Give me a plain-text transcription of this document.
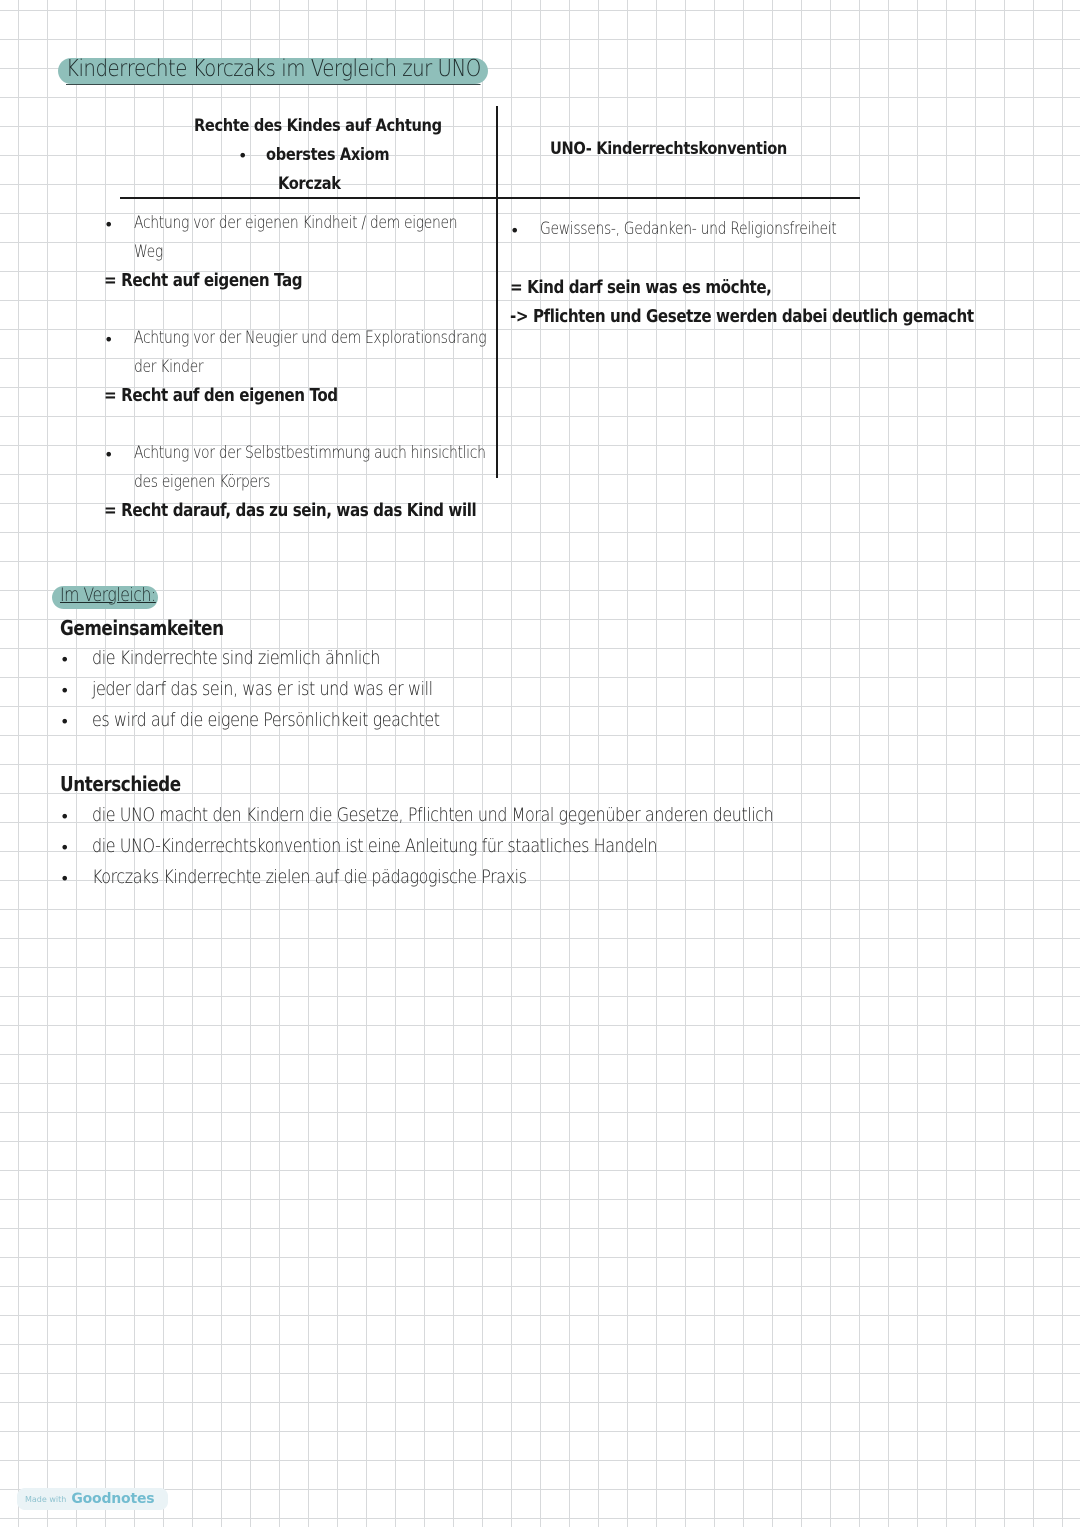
Kinderrechte Korczaks im Vergleich zur UNO
Rechte des Kindes auf Achtung
• oberstes Axiom
Korczak
UNO- Kinderrechtskonvention
• Achtung vor der eigenen Kindheit / dem eigenen
Weg
= Recht auf eigenen Tag
• Achtung vor der Neugier und dem Explorationsdrang
der Kinder
= Recht auf den eigenen Tod
• Achtung vor der Selbstbestimmung auch hinsichtlich
des eigenen Körpers
= Recht darauf, das zu sein, was das Kind will
• Gewissens-, Gedanken- und Religionsfreiheit
= Kind darf sein was es möchte,
-> Pflichten und Gesetze werden dabei deutlich gemacht
Im Vergleich:
Gemeinsamkeiten
• die Kinderrechte sind ziemlich ähnlich
• jeder darf das sein, was er ist und was er will
• es wird auf die eigene Persönlichkeit geachtet
Unterschiede
• die UNO macht den Kindern die Gesetze, Pflichten und Moral gegenüber anderen deutlich
• die UNO-Kinderrechtskonvention ist eine Anleitung für staatliches Handeln
• Korczaks Kinderrechte zielen auf die pädagogische Praxis
Made with Goodnotes
